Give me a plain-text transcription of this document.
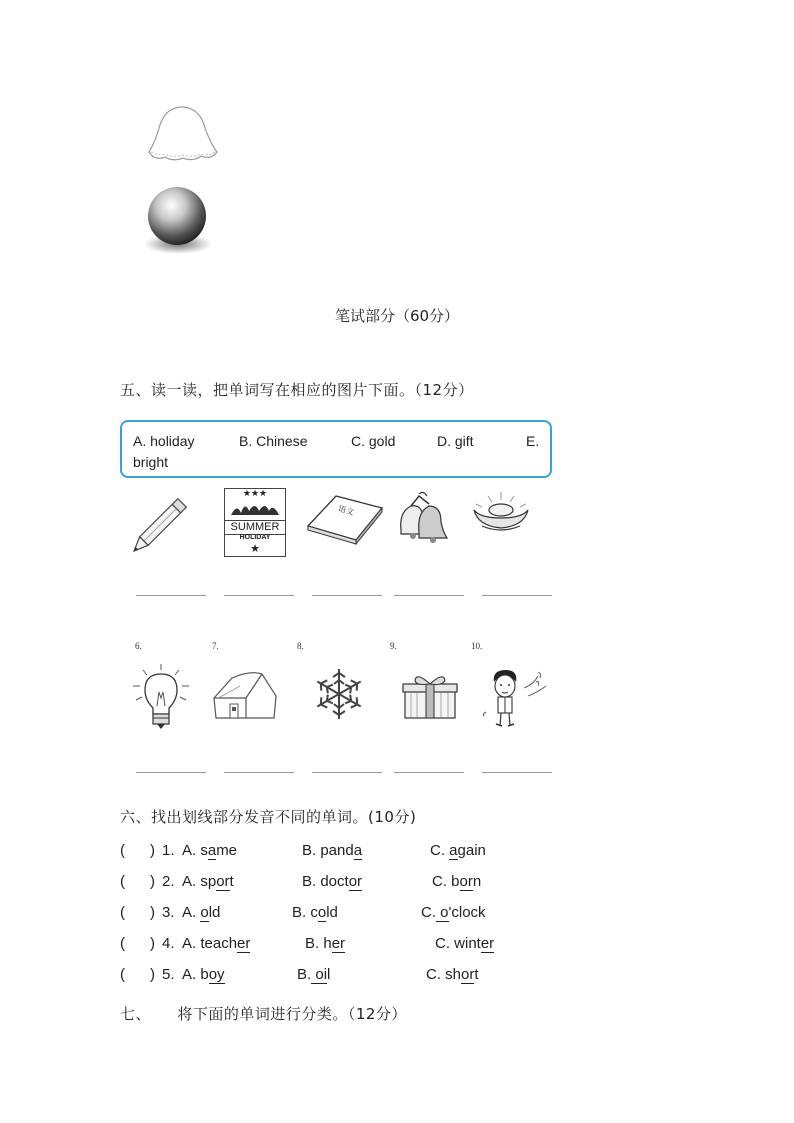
笔试部分（60分）
五、读一读，把单词写在相应的图片下面。（12分）
A. holiday	B. Chinese	C. gold	D. gift	E.
bright
★★★
SUMMER
HOLIDAY
★
语文
6.	7.	8.	9.	10.
六、找出划线部分发音不同的单词。(10分)
( ) 1. A. same	B. panda	C. again
( ) 2. A. sport	B. doctor	C. born
( ) 3. A. old	B. cold	C. o'clock
( ) 4. A. teacher	B. her	C. winter
( ) 5. A. boy	B. oil	C. short
七、     将下面的单词进行分类。（12分）
